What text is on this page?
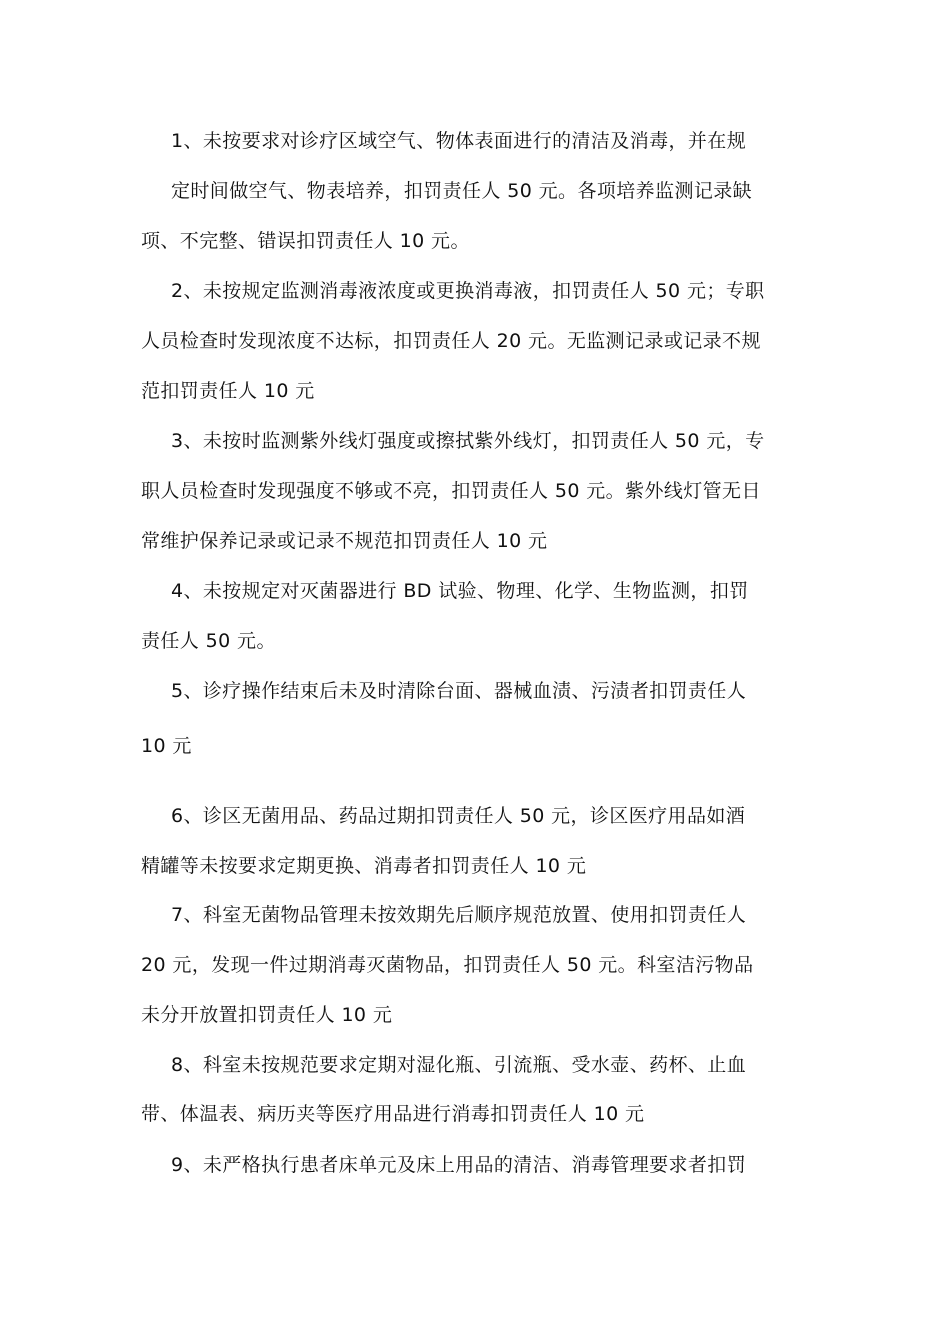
1、未按要求对诊疗区域空气、物体表面进行的清洁及消毒，并在规
定时间做空气、物表培养，扣罚责任人 50 元。各项培养监测记录缺
项、不完整、错误扣罚责任人 10 元。
2、未按规定监测消毒液浓度或更换消毒液，扣罚责任人 50 元；专职
人员检查时发现浓度不达标，扣罚责任人 20 元。无监测记录或记录不规
范扣罚责任人 10 元
3、未按时监测紫外线灯强度或擦拭紫外线灯，扣罚责任人 50 元，专
职人员检查时发现强度不够或不亮，扣罚责任人 50 元。紫外线灯管无日
常维护保养记录或记录不规范扣罚责任人 10 元
4、未按规定对灭菌器进行 BD 试验、物理、化学、生物监测，扣罚
责任人 50 元。
5、诊疗操作结束后未及时清除台面、器械血渍、污渍者扣罚责任人
10 元
6、诊区无菌用品、药品过期扣罚责任人 50 元，诊区医疗用品如酒
精罐等未按要求定期更换、消毒者扣罚责任人 10 元
7、科室无菌物品管理未按效期先后顺序规范放置、使用扣罚责任人
20 元，发现一件过期消毒灭菌物品，扣罚责任人 50 元。科室洁污物品
未分开放置扣罚责任人 10 元
8、科室未按规范要求定期对湿化瓶、引流瓶、受水壶、药杯、止血
带、体温表、病历夹等医疗用品进行消毒扣罚责任人 10 元
9、未严格执行患者床单元及床上用品的清洁、消毒管理要求者扣罚
